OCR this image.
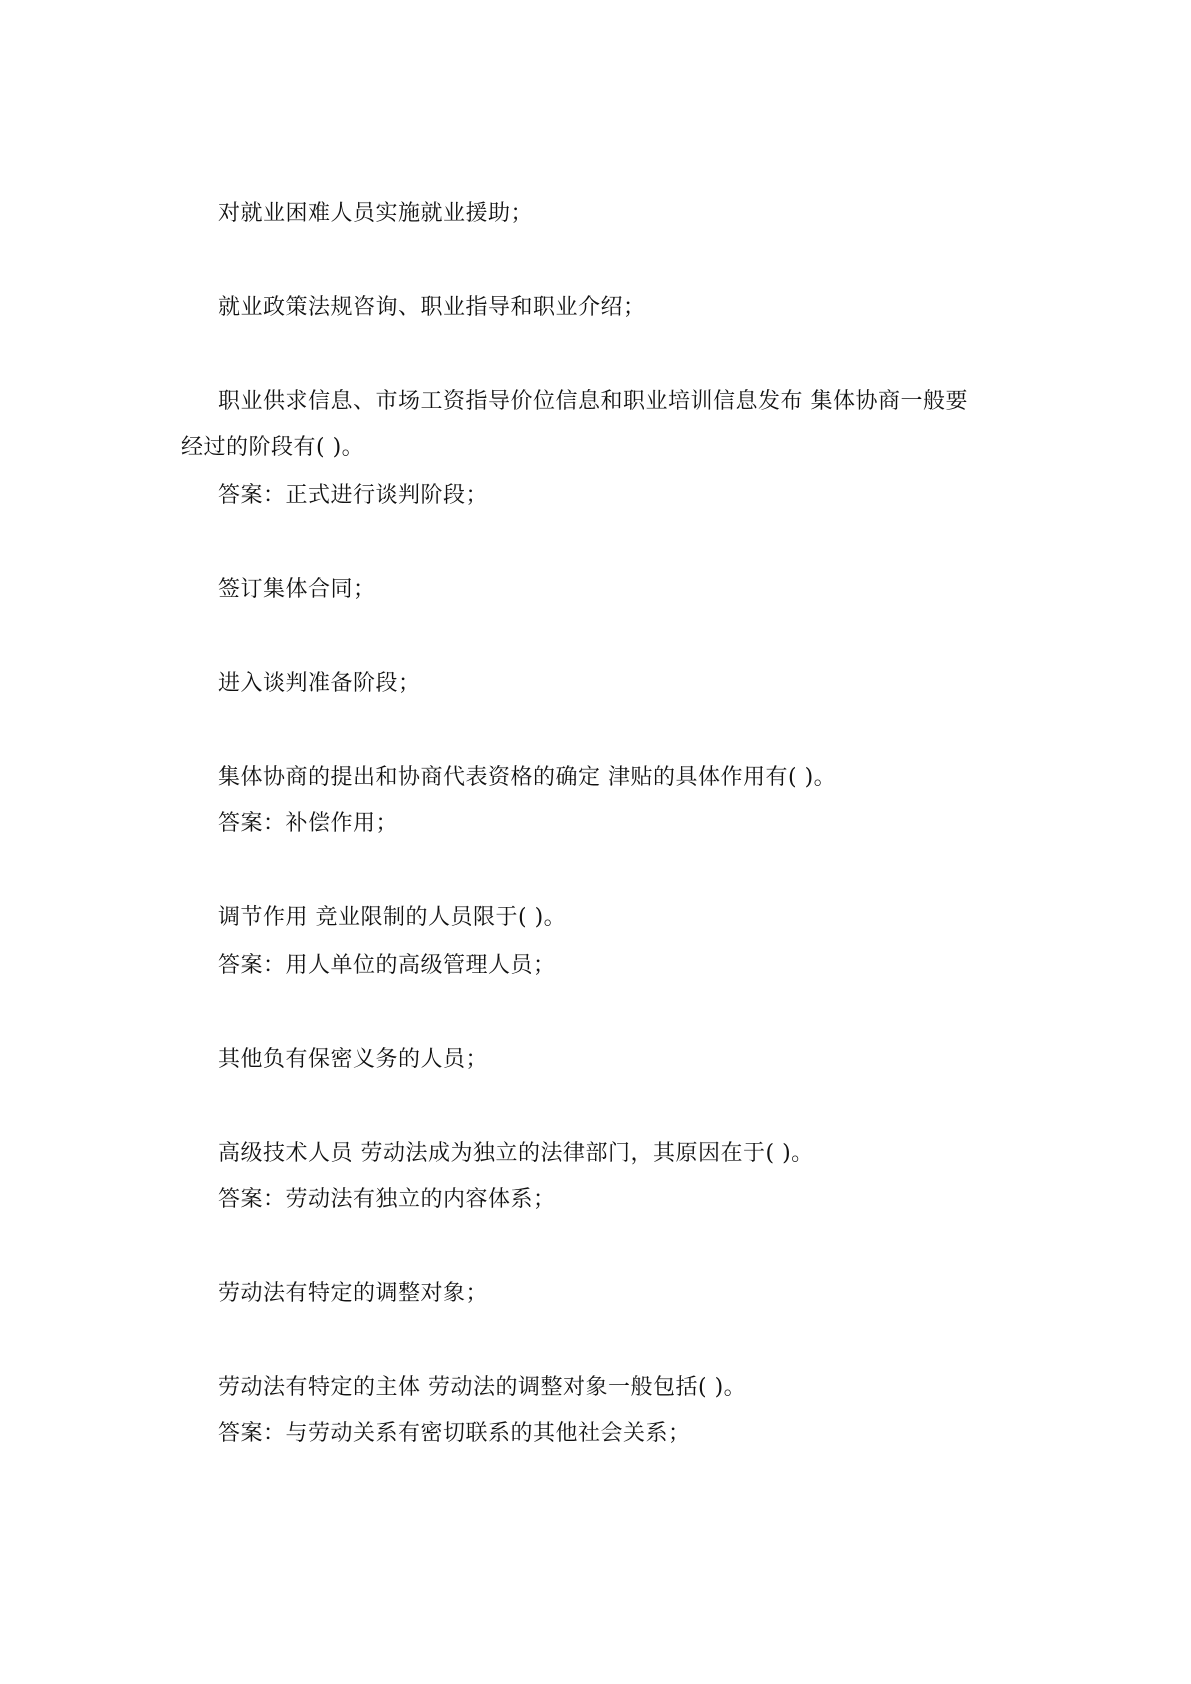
对就业困难人员实施就业援助；
就业政策法规咨询、职业指导和职业介绍；
职业供求信息、市场工资指导价位信息和职业培训信息发布 集体协商一般要
经过的阶段有( )。
答案：正式进行谈判阶段；
签订集体合同；
进入谈判准备阶段；
集体协商的提出和协商代表资格的确定 津贴的具体作用有( )。
答案：补偿作用；
调节作用 竞业限制的人员限于( )。
答案：用人单位的高级管理人员；
其他负有保密义务的人员；
高级技术人员 劳动法成为独立的法律部门，其原因在于( )。
答案：劳动法有独立的内容体系；
劳动法有特定的调整对象；
劳动法有特定的主体 劳动法的调整对象一般包括( )。
答案：与劳动关系有密切联系的其他社会关系；
